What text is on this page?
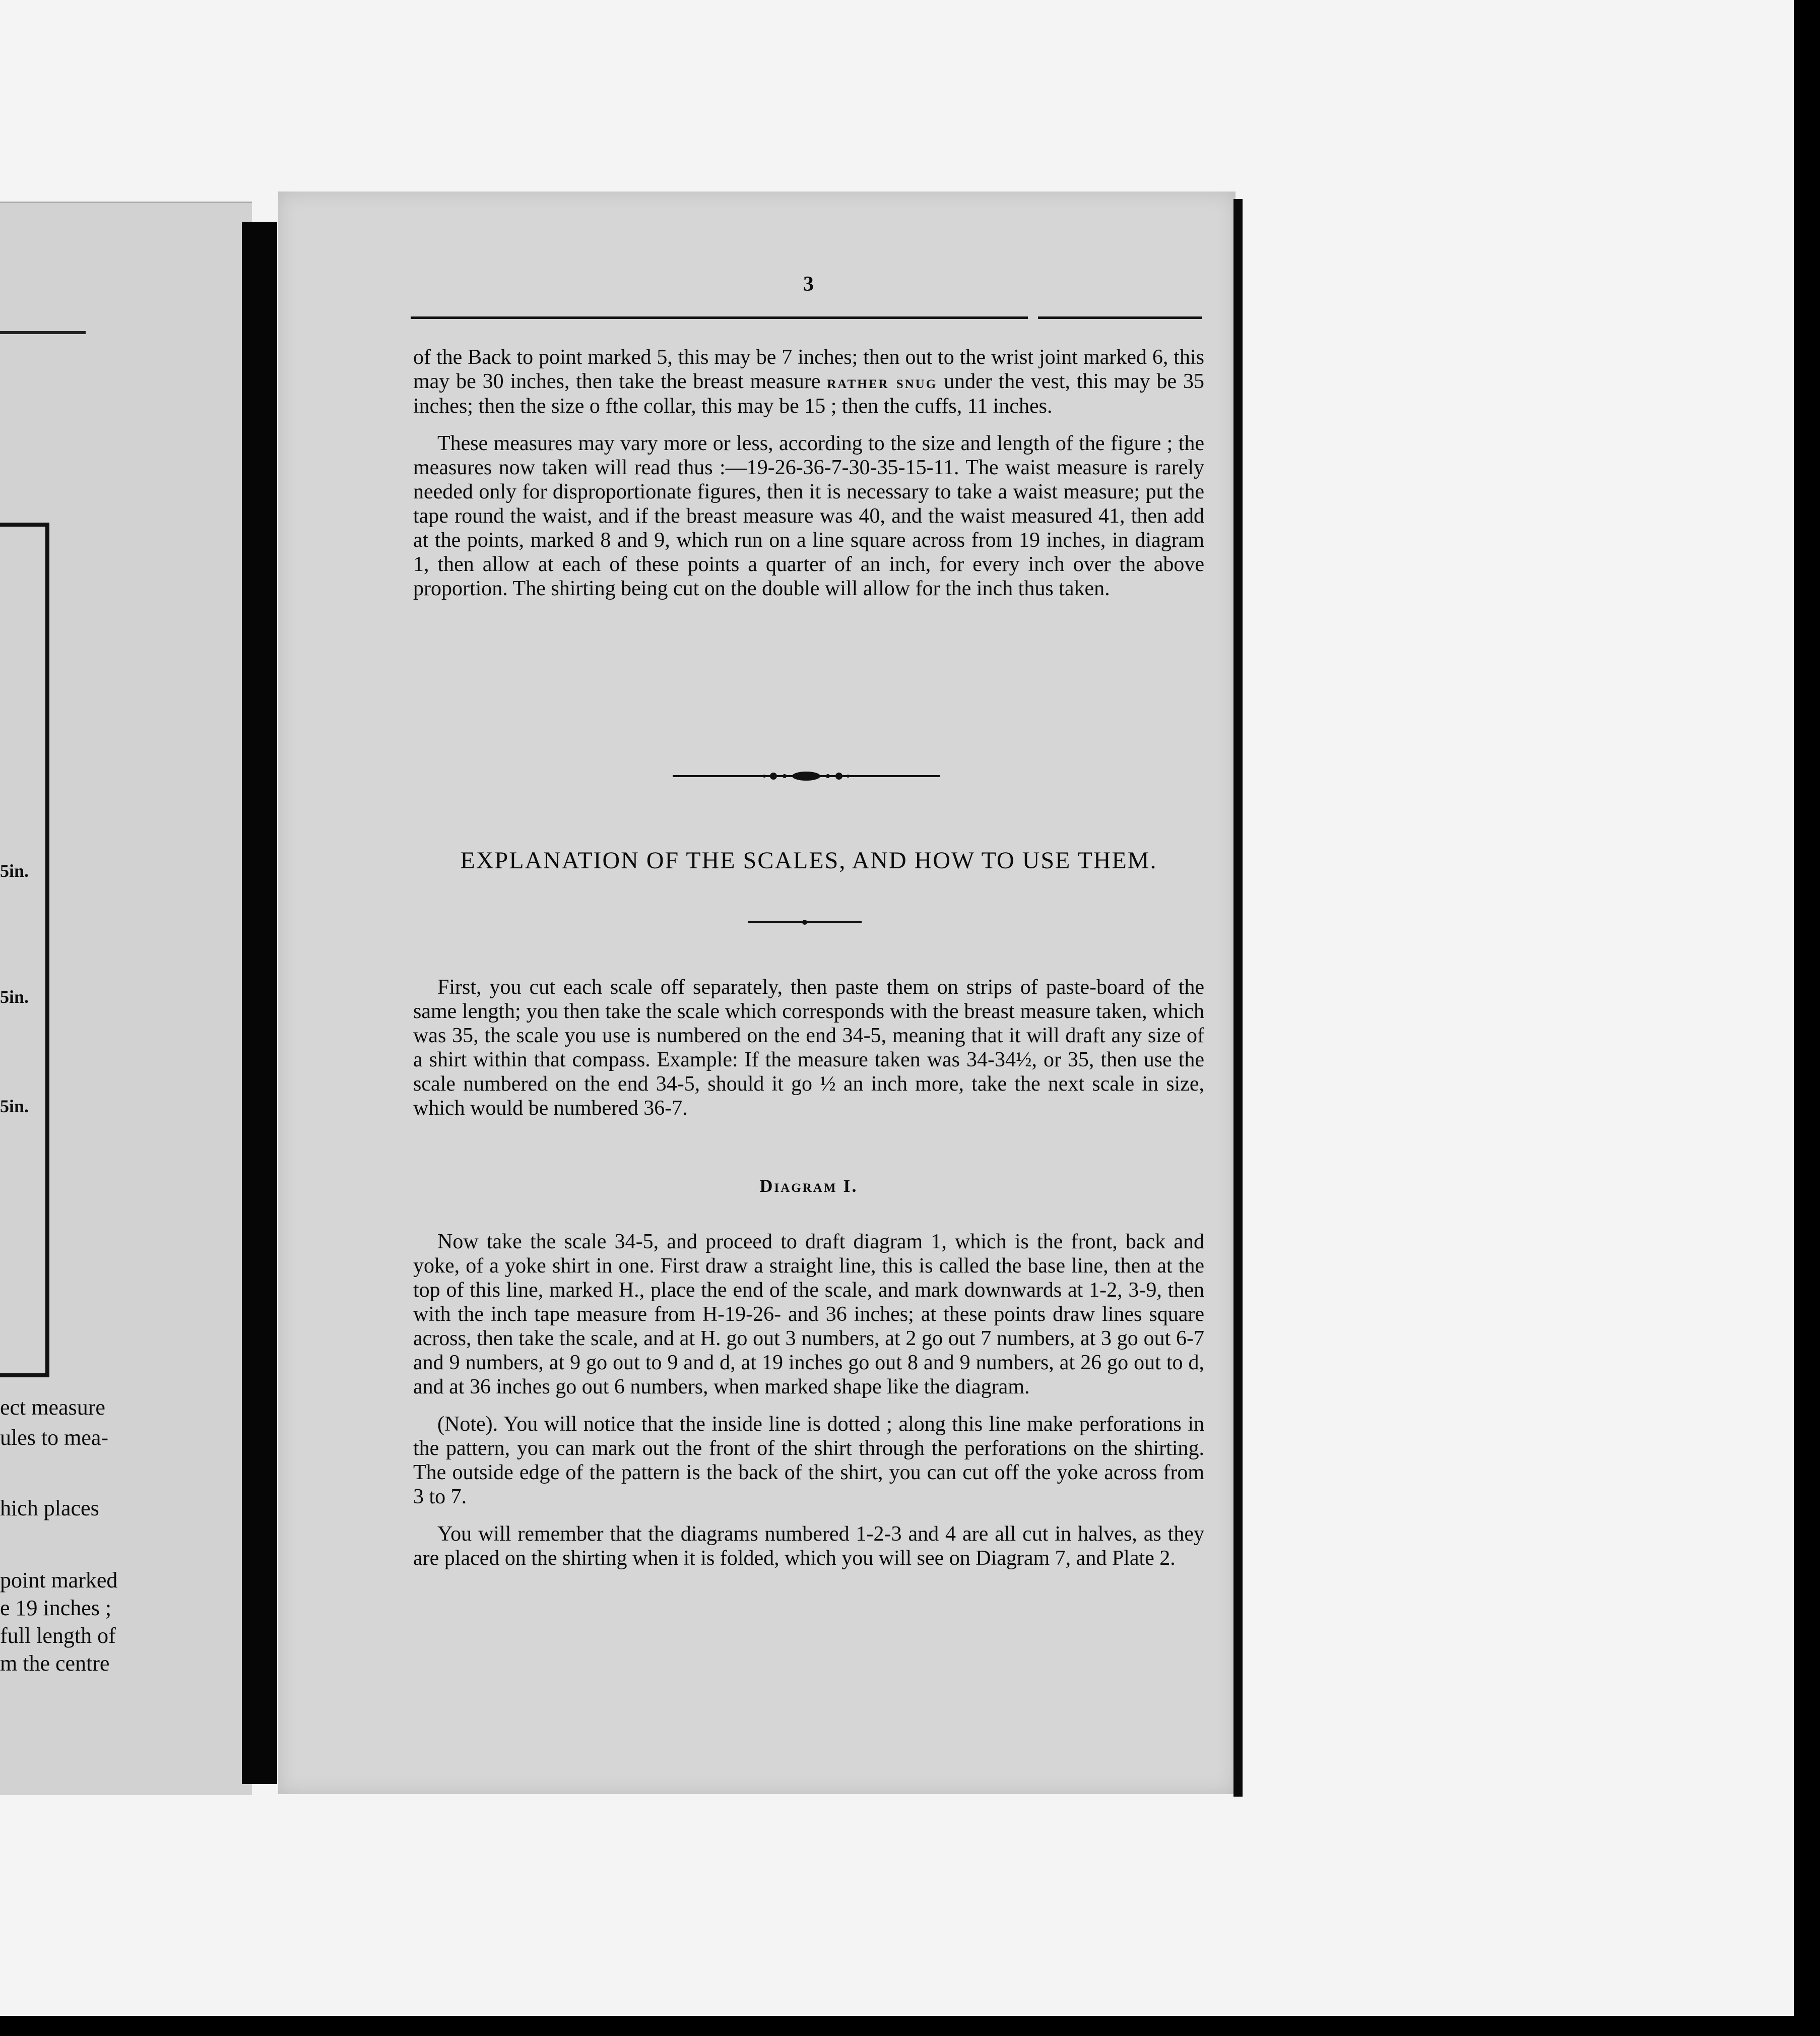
5in.
5in.
5in.
ect measure
ules to mea-
hich places
point marked
e 19 inches ;
full length of
m the centre
3

of the Back to point marked 5, this may be 7 inches; then out to the wrist joint marked 6, this may be 30 inches, then take the breast measure rather snug under the vest, this may be 35 inches; then the size o fthe collar, this may be 15 ; then the cuffs, 11 inches.

These measures may vary more or less, according to the size and length of the figure ; the measures now taken will read thus :—19-26-36-7-30-35-15-11. The waist measure is rarely needed only for disproportionate figures, then it is necessary to take a waist measure; put the tape round the waist, and if the breast measure was 40, and the waist measured 41, then add at the points, marked 8 and 9, which run on a line square across from 19 inches, in diagram 1, then allow at each of these points a quarter of an inch, for every inch over the above proportion. The shirting being cut on the double will allow for the inch thus taken.

EXPLANATION OF THE SCALES, AND HOW TO USE THEM.

First, you cut each scale off separately, then paste them on strips of paste-board of the same length; you then take the scale which corresponds with the breast measure taken, which was 35, the scale you use is numbered on the end 34-5, meaning that it will draft any size of a shirt within that compass. Example: If the measure taken was 34-34½, or 35, then use the scale numbered on the end 34-5, should it go ½ an inch more, take the next scale in size, which would be numbered 36-7.

Diagram I.

Now take the scale 34-5, and proceed to draft diagram 1, which is the front, back and yoke, of a yoke shirt in one. First draw a straight line, this is called the base line, then at the top of this line, marked H., place the end of the scale, and mark downwards at 1-2, 3-9, then with the inch tape measure from H-19-26- and 36 inches; at these points draw lines square across, then take the scale, and at H. go out 3 numbers, at 2 go out 7 numbers, at 3 go out 6-7 and 9 numbers, at 9 go out to 9 and d, at 19 inches go out 8 and 9 numbers, at 26 go out to d, and at 36 inches go out 6 numbers, when marked shape like the diagram.

(Note). You will notice that the inside line is dotted ; along this line make perforations in the pattern, you can mark out the front of the shirt through the perforations on the shirting. The outside edge of the pattern is the back of the shirt, you can cut off the yoke across from 3 to 7.

You will remember that the diagrams numbered 1-2-3 and 4 are all cut in halves, as they are placed on the shirting when it is folded, which you will see on Diagram 7, and Plate 2.
